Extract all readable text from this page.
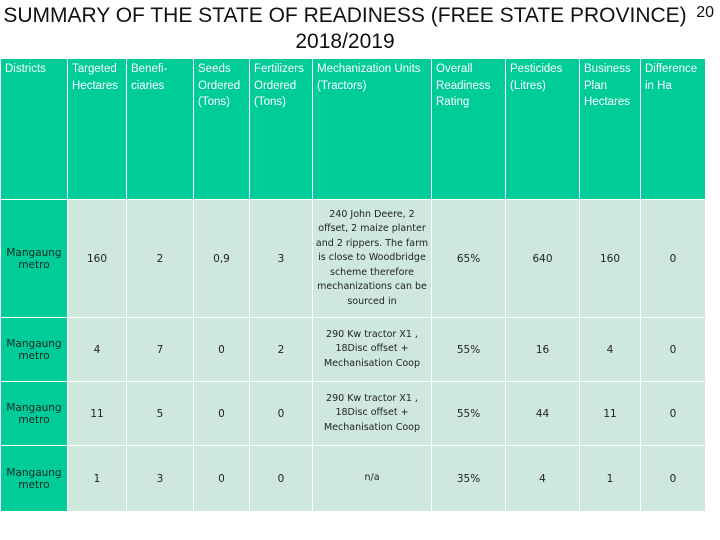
SUMMARY OF THE STATE OF READINESS (FREE STATE PROVINCE) 2018/2019
20
Districts	Targeted Hectares	Benefi-ciaries	Seeds Ordered (Tons)	Fertilizers Ordered (Tons)	Mechanization Units (Tractors)	Overall Readiness Rating	Pesticides (Litres)	Business Plan Hectares	Difference in Ha
Mangaung metro	160	2	0,9	3	240 John Deere, 2 offset, 2 maize planter and 2 rippers. The farm is close to Woodbridge scheme therefore mechanizations can be sourced in	65%	640	160	0
Mangaung metro	4	7	0	2	290 Kw tractor X1 , 18Disc offset + Mechanisation Coop	55%	16	4	0
Mangaung metro	11	5	0	0	290 Kw tractor X1 , 18Disc offset + Mechanisation Coop	55%	44	11	0
Mangaung metro	1	3	0	0	n/a	35%	4	1	0
